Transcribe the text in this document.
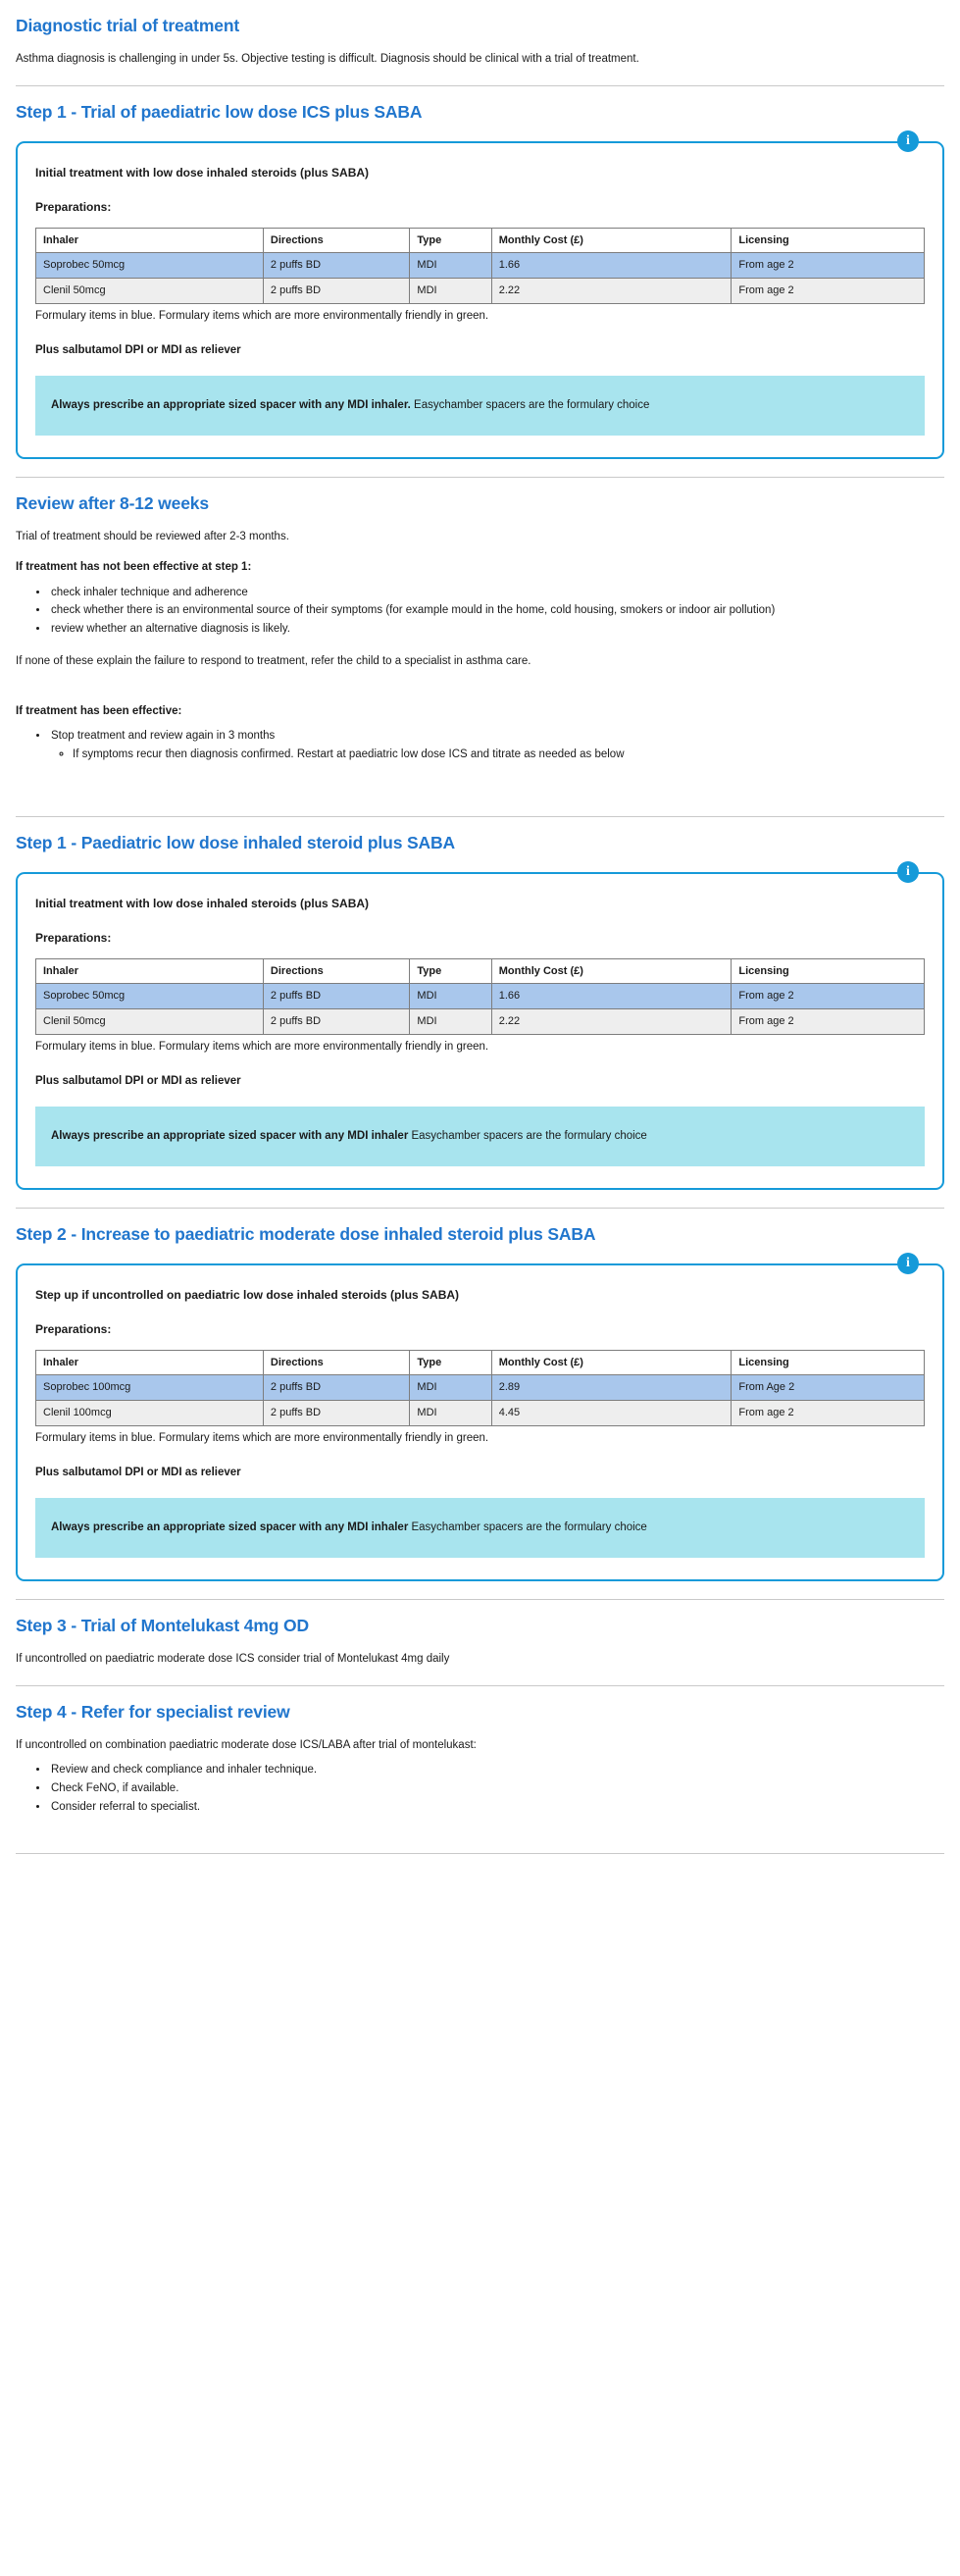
Diagnostic trial of treatment

Asthma diagnosis is challenging in under 5s. Objective testing is difficult. Diagnosis should be clinical with a trial of treatment.

Step 1 - Trial of paediatric low dose ICS plus SABA
i

Initial treatment with low dose inhaled steroids (plus SABA)

Preparations:

Inhaler	Directions	Type	Monthly Cost (£)	Licensing
Soprobec 50mcg	2 puffs BD	MDI	1.66	From age 2
Clenil 50mcg	2 puffs BD	MDI	2.22	From age 2

Formulary items in blue. Formulary items which are more environmentally friendly in green.

Plus salbutamol DPI or MDI as reliever

Always prescribe an appropriate sized spacer with any MDI inhaler. Easychamber spacers are the formulary choice
Review after 8-12 weeks

Trial of treatment should be reviewed after 2-3 months.

If treatment has not been effective at step 1:

• check inhaler technique and adherence
• check whether there is an environmental source of their symptoms (for example mould in the home, cold housing, smokers or indoor air pollution)
• review whether an alternative diagnosis is likely.

If none of these explain the failure to respond to treatment, refer the child to a specialist in asthma care.

If treatment has been effective:

• Stop treatment and review again in 3 months
◦ If symptoms recur then diagnosis confirmed. Restart at paediatric low dose ICS and titrate as needed as below
Step 1 - Paediatric low dose inhaled steroid plus SABA
i

Initial treatment with low dose inhaled steroids (plus SABA)

Preparations:

Inhaler	Directions	Type	Monthly Cost (£)	Licensing
Soprobec 50mcg	2 puffs BD	MDI	1.66	From age 2
Clenil 50mcg	2 puffs BD	MDI	2.22	From age 2

Formulary items in blue. Formulary items which are more environmentally friendly in green.

Plus salbutamol DPI or MDI as reliever

Always prescribe an appropriate sized spacer with any MDI inhaler Easychamber spacers are the formulary choice
Step 2 - Increase to paediatric moderate dose inhaled steroid plus SABA
i

Step up if uncontrolled on paediatric low dose inhaled steroids (plus SABA)

Preparations:

Inhaler	Directions	Type	Monthly Cost (£)	Licensing
Soprobec 100mcg	2 puffs BD	MDI	2.89	From Age 2
Clenil 100mcg	2 puffs BD	MDI	4.45	From age 2

Formulary items in blue. Formulary items which are more environmentally friendly in green.

Plus salbutamol DPI or MDI as reliever

Always prescribe an appropriate sized spacer with any MDI inhaler Easychamber spacers are the formulary choice
Step 3 - Trial of Montelukast 4mg OD

If uncontrolled on paediatric moderate dose ICS consider trial of Montelukast 4mg daily

Step 4 - Refer for specialist review

If uncontrolled on combination paediatric moderate dose ICS/LABA after trial of montelukast:

• Review and check compliance and inhaler technique.
• Check FeNO, if available.
• Consider referral to specialist.
